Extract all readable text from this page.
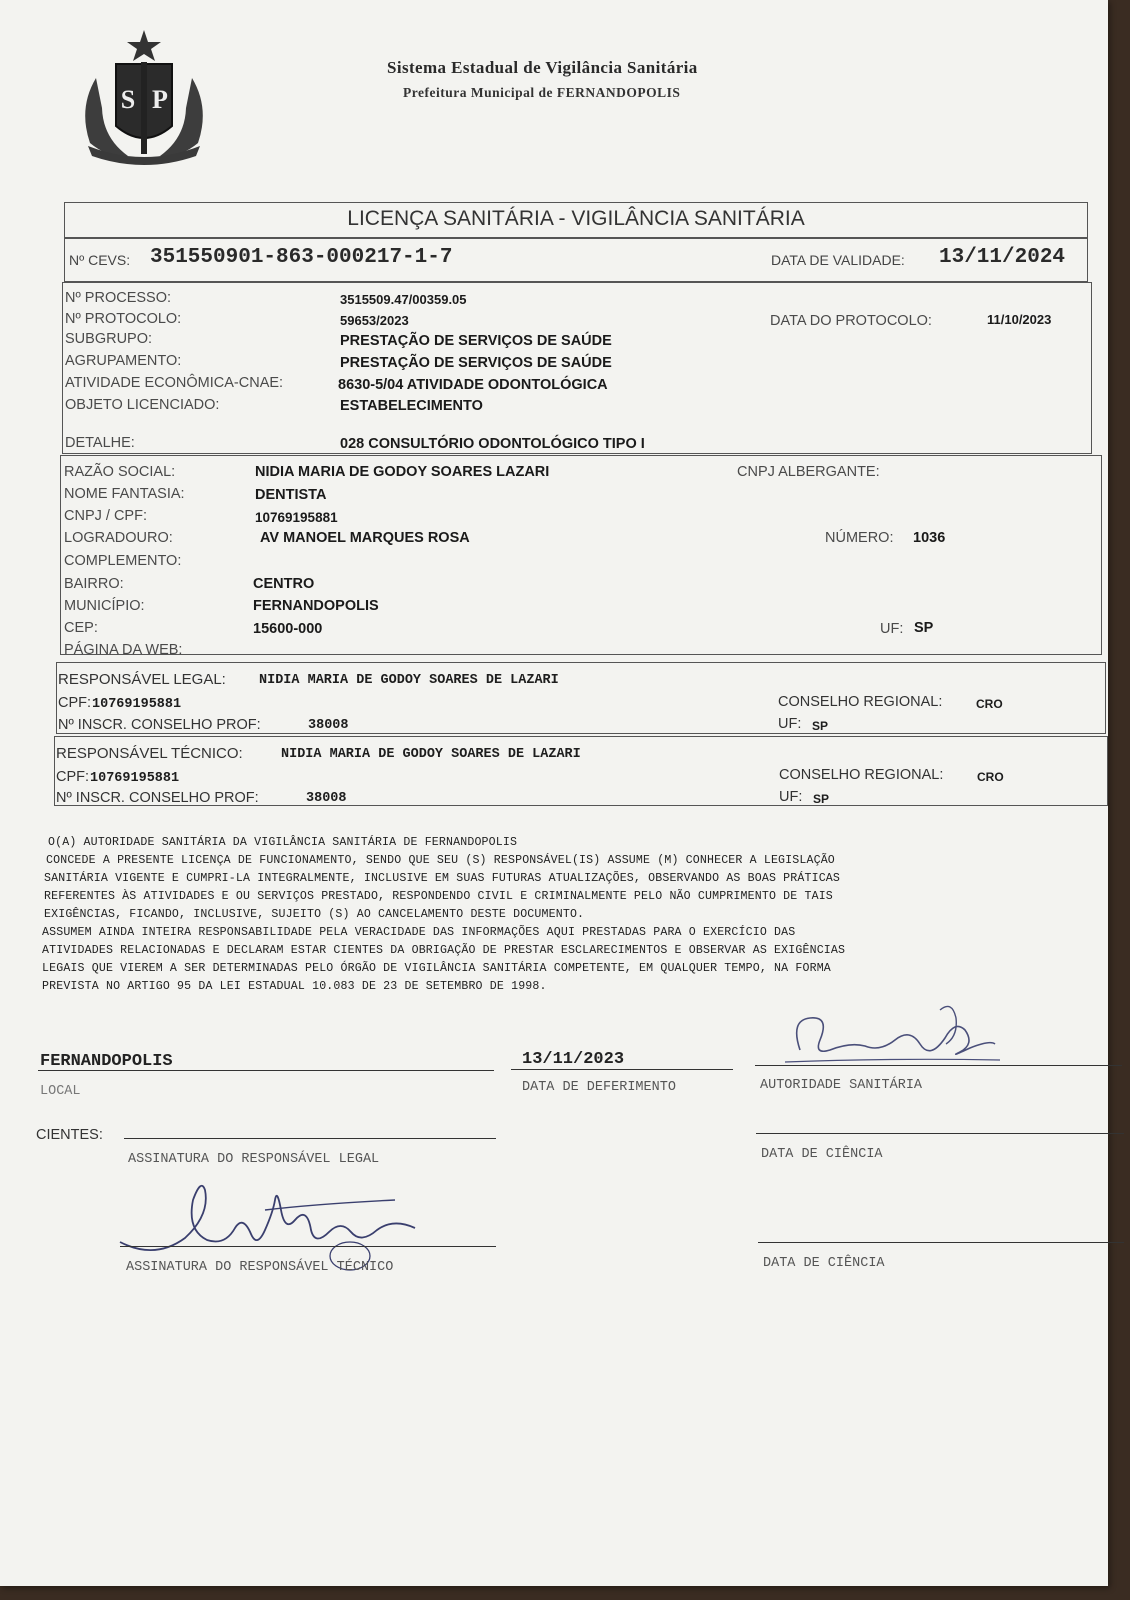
S P
Sistema Estadual de Vigilância Sanitária
Prefeitura Municipal de FERNANDOPOLIS
LICENÇA SANITÁRIA - VIGILÂNCIA SANITÁRIA
Nº CEVS: 351550901-863-000217-1-7	DATA DE VALIDADE: 13/11/2024
Nº PROCESSO:	3515509.47/00359.05
Nº PROTOCOLO:	59653/2023	DATA DO PROTOCOLO:	11/10/2023
SUBGRUPO:	PRESTAÇÃO DE SERVIÇOS DE SAÚDE
AGRUPAMENTO:	PRESTAÇÃO DE SERVIÇOS DE SAÚDE
ATIVIDADE ECONÔMICA-CNAE:	8630-5/04 ATIVIDADE ODONTOLÓGICA
OBJETO LICENCIADO:	ESTABELECIMENTO
DETALHE:	028 CONSULTÓRIO ODONTOLÓGICO TIPO I
RAZÃO SOCIAL:	NIDIA MARIA DE GODOY SOARES LAZARI	CNPJ ALBERGANTE:
NOME FANTASIA:	DENTISTA
CNPJ / CPF:	10769195881
LOGRADOURO:	AV MANOEL MARQUES ROSA	NÚMERO: 1036
COMPLEMENTO:
BAIRRO:	CENTRO
MUNICÍPIO:	FERNANDOPOLIS
CEP:	15600-000	UF: SP
PÁGINA DA WEB:
RESPONSÁVEL LEGAL: NIDIA MARIA DE GODOY SOARES DE LAZARI
CPF: 10769195881
Nº INSCR. CONSELHO PROF:	38008
CONSELHO REGIONAL:	CRO
UF: SP
RESPONSÁVEL TÉCNICO:	NIDIA MARIA DE GODOY SOARES DE LAZARI
CPF: 10769195881
Nº INSCR. CONSELHO PROF:	38008
CONSELHO REGIONAL:	CRO
UF: SP
O(A) AUTORIDADE SANITÁRIA DA VIGILÂNCIA SANITÁRIA DE FERNANDOPOLIS
CONCEDE A PRESENTE LICENÇA DE FUNCIONAMENTO, SENDO QUE SEU (S) RESPONSÁVEL(IS) ASSUME (M) CONHECER A LEGISLAÇÃO
SANITÁRIA VIGENTE E CUMPRI-LA INTEGRALMENTE, INCLUSIVE EM SUAS FUTURAS ATUALIZAÇÕES, OBSERVANDO AS BOAS PRÁTICAS
REFERENTES ÀS ATIVIDADES E OU SERVIÇOS PRESTADO, RESPONDENDO CIVIL E CRIMINALMENTE PELO NÃO CUMPRIMENTO DE TAIS
EXIGÊNCIAS, FICANDO, INCLUSIVE, SUJEITO (S) AO CANCELAMENTO DESTE DOCUMENTO.
ASSUMEM AINDA INTEIRA RESPONSABILIDADE PELA VERACIDADE DAS INFORMAÇÕES AQUI PRESTADAS PARA O EXERCÍCIO DAS
ATIVIDADES RELACIONADAS E DECLARAM ESTAR CIENTES DA OBRIGAÇÃO DE PRESTAR ESCLARECIMENTOS E OBSERVAR AS EXIGÊNCIAS
LEGAIS QUE VIEREM A SER DETERMINADAS PELO ÓRGÃO DE VIGILÂNCIA SANITÁRIA COMPETENTE, EM QUALQUER TEMPO, NA FORMA
PREVISTA NO ARTIGO 95 DA LEI ESTADUAL 10.083 DE 23 DE SETEMBRO DE 1998.
FERNANDOPOLIS
LOCAL
13/11/2023
DATA DE DEFERIMENTO	AUTORIDADE SANITÁRIA
CIENTES:
ASSINATURA DO RESPONSÁVEL LEGAL	DATA DE CIÊNCIA
ASSINATURA DO RESPONSÁVEL TÉCNICO	DATA DE CIÊNCIA
